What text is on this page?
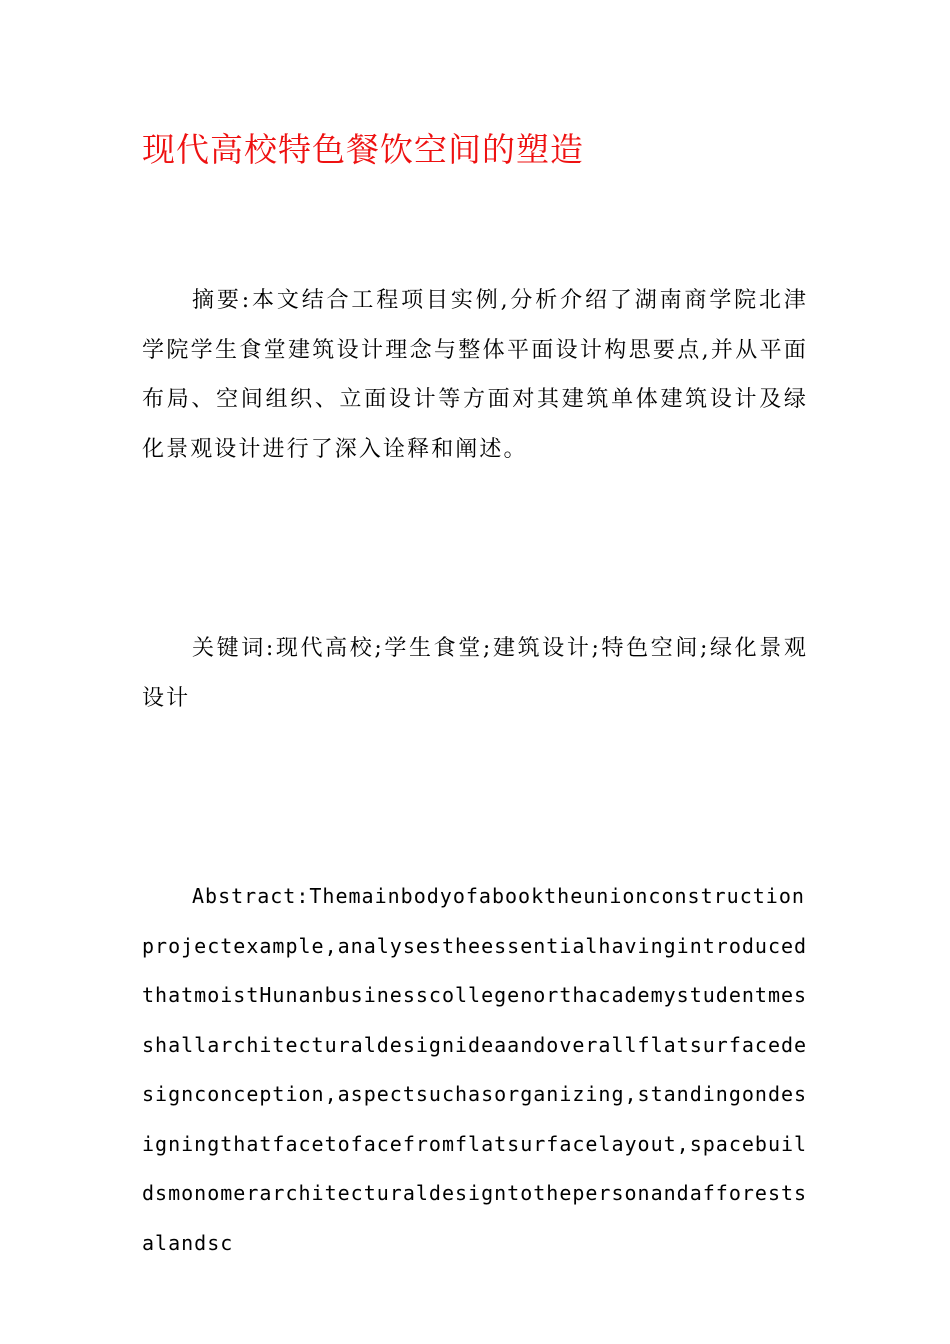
现代高校特色餐饮空间的塑造

摘要:本文结合工程项目实例,分析介绍了湖南商学院北津学院学生食堂建筑设计理念与整体平面设计构思要点,并从平面布局、空间组织、立面设计等方面对其建筑单体建筑设计及绿化景观设计进行了深入诠释和阐述。

关键词:现代高校;学生食堂;建筑设计;特色空间;绿化景观设计

Abstract:Themainbodyofabooktheunionconstructionprojectexample,analysestheessentialhavingintroducedthatmoistHunanbusinesscollegenorthacademystudentmesshallarchitecturaldesignideaandoverallflatsurfacedesignconception,aspectsuchasorganizing,standingondesigningthatfacetofacefromflatsurfacelayout,spacebuildsmonomerarchitecturaldesigntothepersonandafforestsalandsc
